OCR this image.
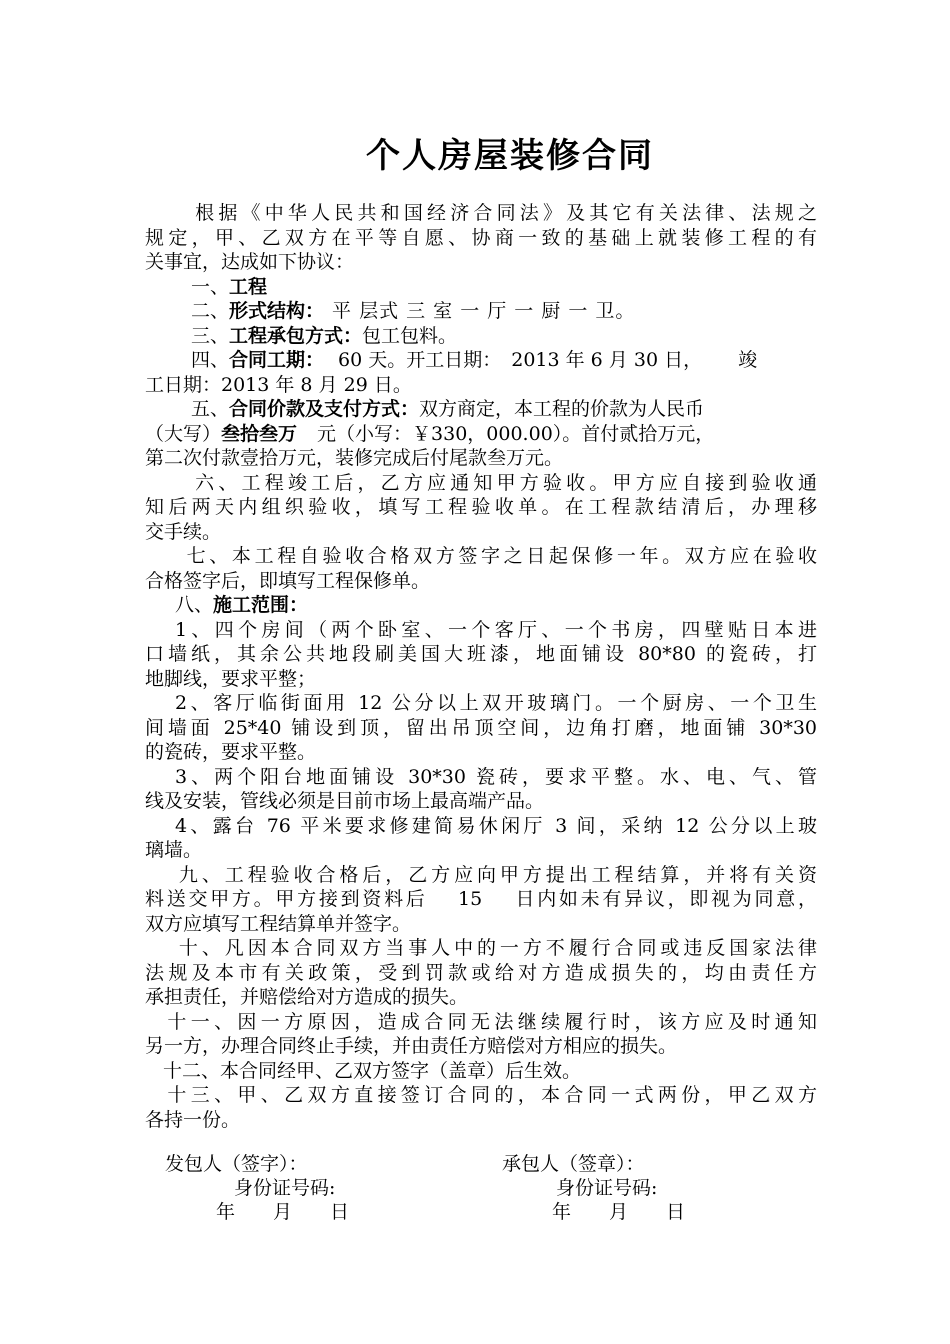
个人房屋装修合同
根据《中华人民共和国经济合同法》及其它有关法律、法规之
规定，甲、乙双方在平等自愿、协商一致的基础上就装修工程的有
关事宜，达成如下协议：
一、工程
二、形式结构： 平 层式 三 室 一 厅 一 厨 一 卫。
三、工程承包方式：包工包料。
四、合同工期： 60 天。开工日期： 2013 年 6 月 30 日， 竣
工日期：2013 年 8 月 29 日。
五、合同价款及支付方式：双方商定，本工程的价款为人民币
（大写）叁拾叁万 元（小写：￥330，000.00）。首付贰拾万元，
第二次付款壹拾万元，装修完成后付尾款叁万元。
六、工程竣工后，乙方应通知甲方验收。甲方应自接到验收通
知后两天内组织验收，填写工程验收单。在工程款结清后，办理移
交手续。
七、本工程自验收合格双方签字之日起保修一年。双方应在验收
合格签字后，即填写工程保修单。
八、施工范围：
1、四个房间（两个卧室、一个客厅、一个书房，四壁贴日本进
口墙纸，其余公共地段刷美国大班漆，地面铺设 80*80 的瓷砖，打
地脚线，要求平整；
2、客厅临街面用 12 公分以上双开玻璃门。一个厨房、一个卫生
间墙面 25*40 铺设到顶，留出吊顶空间，边角打磨，地面铺 30*30
的瓷砖，要求平整。
3、两个阳台地面铺设 30*30 瓷砖，要求平整。水、电、气、管
线及安装，管线必须是目前市场上最高端产品。
4、露台 76 平米要求修建简易休闲厅 3 间，采纳 12 公分以上玻
璃墙。
九、工程验收合格后，乙方应向甲方提出工程结算，并将有关资
料送交甲方。甲方接到资料后　 15　 日内如未有异议，即视为同意，
双方应填写工程结算单并签字。
十、凡因本合同双方当事人中的一方不履行合同或违反国家法律
法规及本市有关政策，受到罚款或给对方造成损失的，均由责任方
承担责任，并赔偿给对方造成的损失。
十一、因一方原因，造成合同无法继续履行时，该方应及时通知
另一方，办理合同终止手续，并由责任方赔偿对方相应的损失。
十二、本合同经甲、乙双方签字（盖章）后生效。
十三、甲、乙双方直接签订合同的，本合同一式两份，甲乙双方
各持一份。
发包人（签字）：	承包人（签章）：
身份证号码:	身份证号码:
年　　月　　日	年　　月　　日
